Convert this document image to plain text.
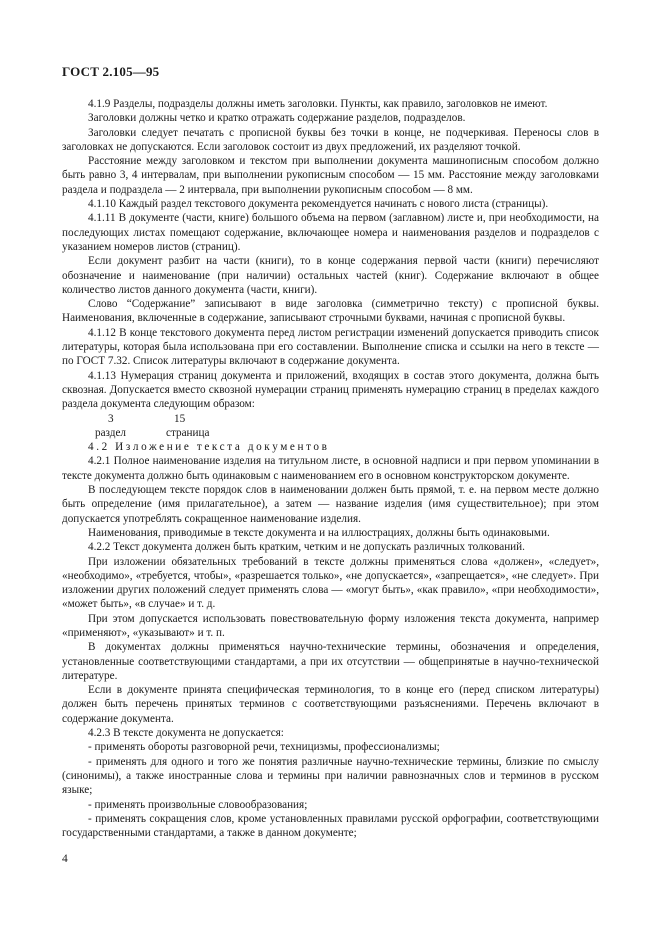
ГОСТ 2.105—95

4.1.9 Разделы, подразделы должны иметь заголовки. Пункты, как правило, заголовков не имеют.

Заголовки должны четко и кратко отражать содержание разделов, подразделов.

Заголовки следует печатать с прописной буквы без точки в конце, не подчеркивая. Переносы слов в заголовках не допускаются. Если заголовок состоит из двух предложений, их разделяют точкой.

Расстояние между заголовком и текстом при выполнении документа машинописным способом должно быть равно 3, 4 интервалам, при выполнении рукописным способом — 15 мм. Расстояние между заголовками раздела и подраздела — 2 интервала, при выполнении рукописным способом — 8 мм.

4.1.10 Каждый раздел текстового документа рекомендуется начинать с нового листа (страницы).

4.1.11 В документе (части, книге) большого объема на первом (заглавном) листе и, при необходимости, на последующих листах помещают содержание, включающее номера и наименования разделов и подразделов с указанием номеров листов (страниц).

Если документ разбит на части (книги), то в конце содержания первой части (книги) перечисляют обозначение и наименование (при наличии) остальных частей (книг). Содержание включают в общее количество листов данного документа (части, книги).

Слово “Содержание” записывают в виде заголовка (симметрично тексту) с прописной буквы. Наименования, включенные в содержание, записывают строчными буквами, начиная с прописной буквы.

4.1.12 В конце текстового документа перед листом регистрации изменений допускается приводить список литературы, которая была использована при его составлении. Выполнение списка и ссылки на него в тексте — по ГОСТ 7.32. Список литературы включают в содержание документа.

4.1.13 Нумерация страниц документа и приложений, входящих в состав этого документа, должна быть сквозная. Допускается вместо сквозной нумерации страниц применять нумерацию страниц в пределах каждого раздела документа следующим образом:

3	15
раздел	страница

4.2 Изложение текста документов

4.2.1 Полное наименование изделия на титульном листе, в основной надписи и при первом упоминании в тексте документа должно быть одинаковым с наименованием его в основном конструкторском документе.

В последующем тексте порядок слов в наименовании должен быть прямой, т. е. на первом месте должно быть определение (имя прилагательное), а затем — название изделия (имя существительное); при этом допускается употреблять сокращенное наименование изделия.

Наименования, приводимые в тексте документа и на иллюстрациях, должны быть одинаковыми.

4.2.2 Текст документа должен быть кратким, четким и не допускать различных толкований.

При изложении обязательных требований в тексте должны применяться слова «должен», «следует», «необходимо», «требуется, чтобы», «разрешается только», «не допускается», «запрещается», «не следует». При изложении других положений следует применять слова — «могут быть», «как правило», «при необходимости», «может быть», «в случае» и т. д.

При этом допускается использовать повествовательную форму изложения текста документа, например «применяют», «указывают» и т. п.

В документах должны применяться научно-технические термины, обозначения и определения, установленные соответствующими стандартами, а при их отсутствии — общепринятые в научно-технической литературе.

Если в документе принята специфическая терминология, то в конце его (перед списком литературы) должен быть перечень принятых терминов с соответствующими разъяснениями. Перечень включают в содержание документа.

4.2.3 В тексте документа не допускается:

- применять обороты разговорной речи, техницизмы, профессионализмы;

- применять для одного и того же понятия различные научно-технические термины, близкие по смыслу (синонимы), а также иностранные слова и термины при наличии равнозначных слов и терминов в русском языке;

- применять произвольные словообразования;

- применять сокращения слов, кроме установленных правилами русской орфографии, соответствующими государственными стандартами, а также в данном документе;

4
